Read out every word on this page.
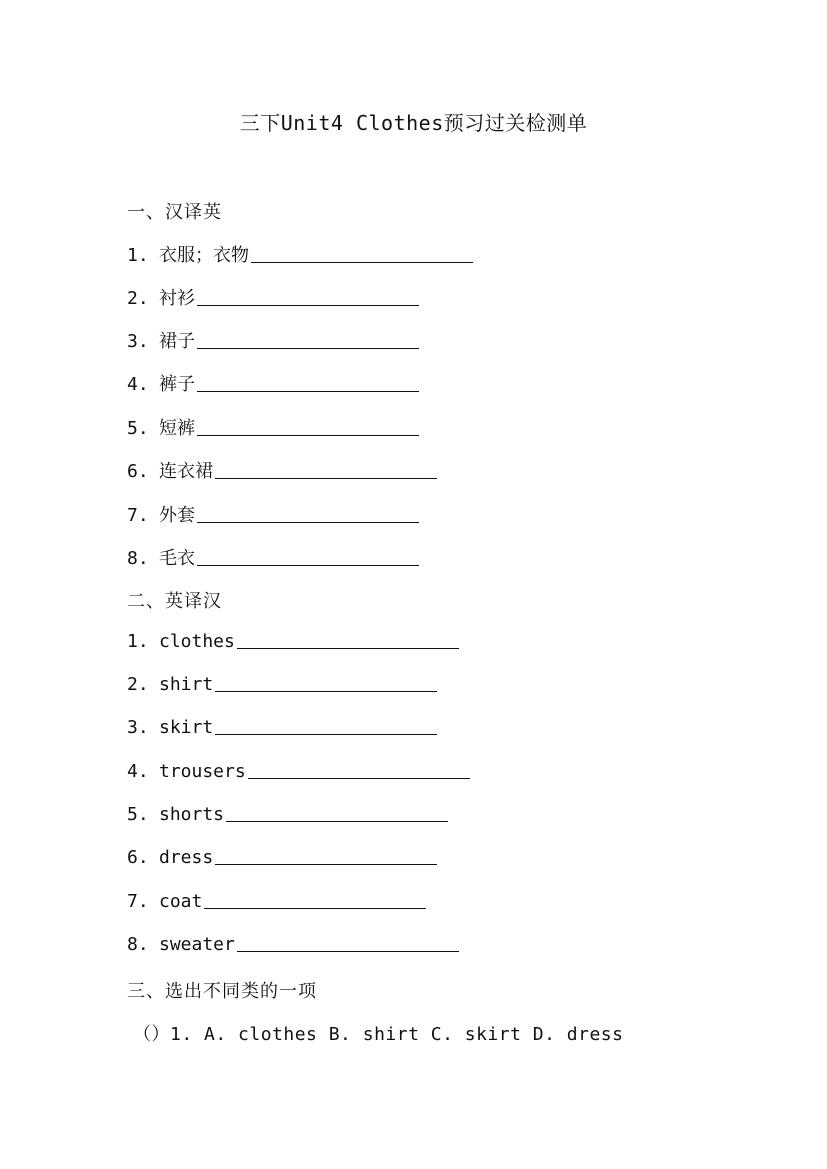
三下Unit4 Clothes预习过关检测单
一、汉译英
1. 衣服；衣物
2. 衬衫
3. 裙子
4. 裤子
5. 短裤
6. 连衣裙
7. 外套
8. 毛衣
二、英译汉
1. clothes
2. shirt
3. skirt
4. trousers
5. shorts
6. dress
7. coat
8. sweater
三、选出不同类的一项
（）1. A. clothes B. shirt C. skirt D. dress
